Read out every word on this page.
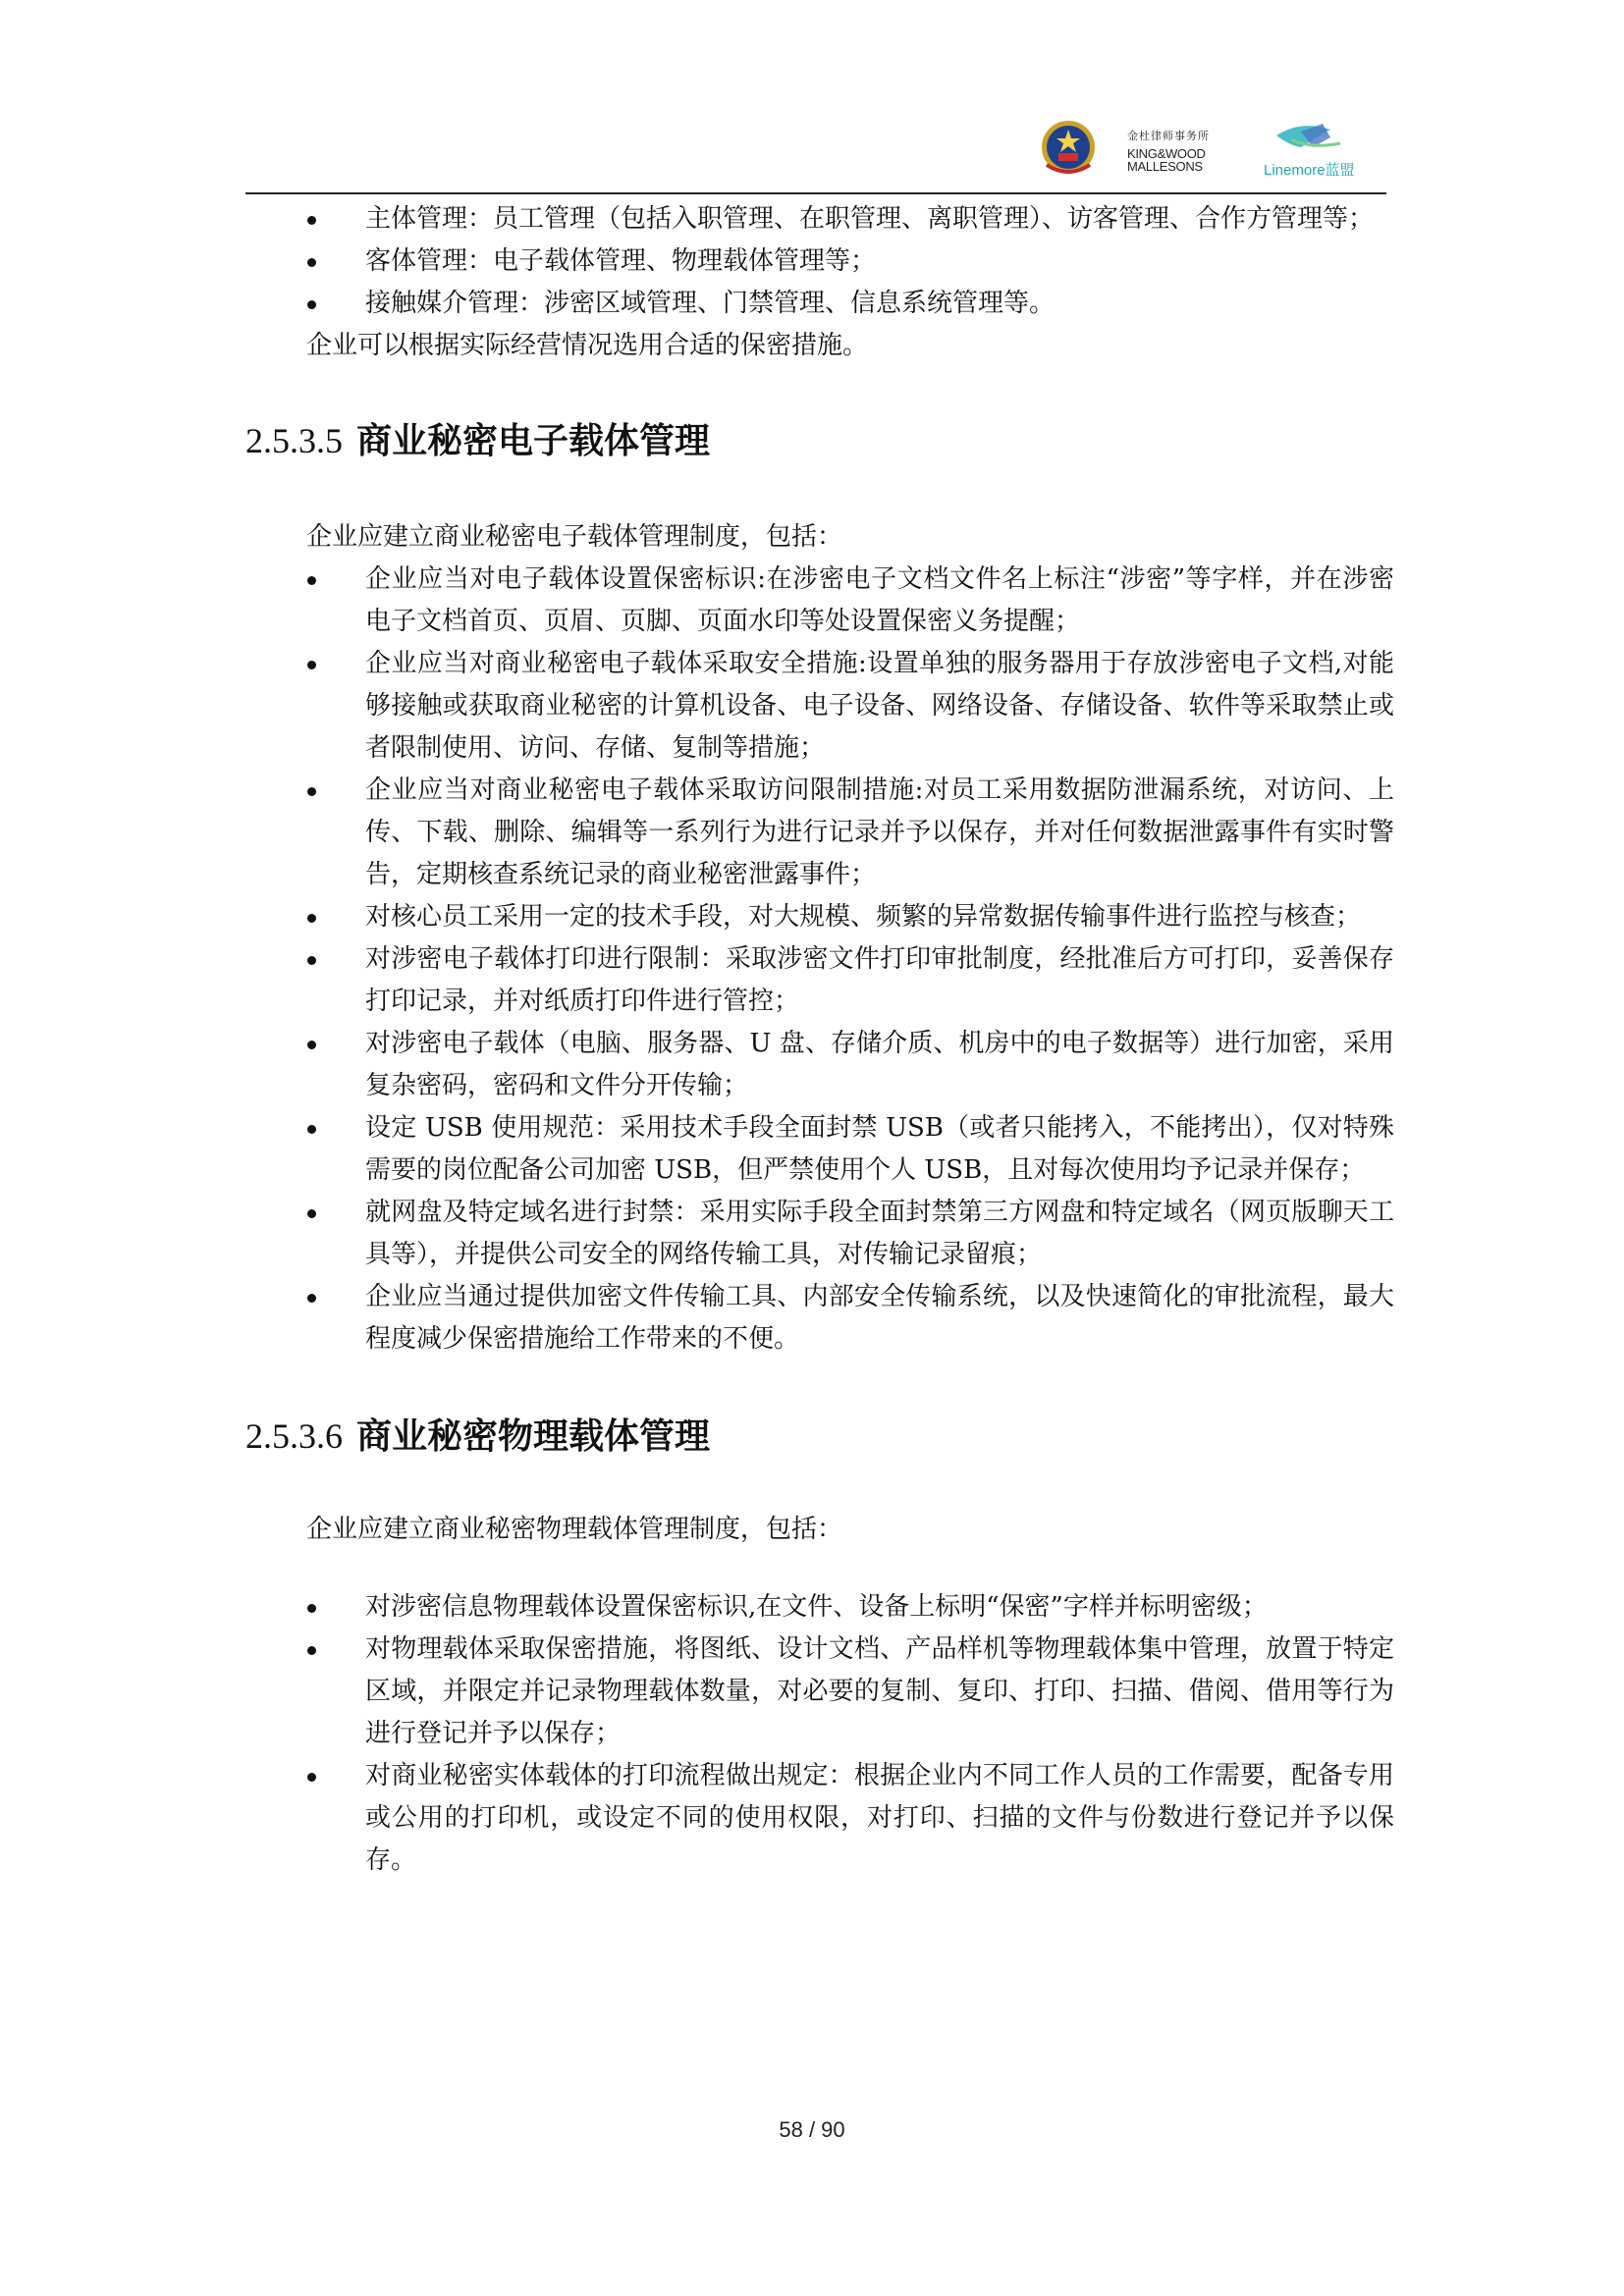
金杜律师事务所
KING&WOOD
MALLESONS	Linemore蓝盟
主体管理：员工管理（包括入职管理、在职管理、离职管理）、访客管理、合作方管理等；
客体管理：电子载体管理、物理载体管理等；
接触媒介管理：涉密区域管理、门禁管理、信息系统管理等。

企业可以根据实际经营情况选用合适的保密措施。

2.5.3.5 商业秘密电子载体管理

企业应建立商业秘密电子载体管理制度，包括：

企业应当对电子载体设置保密标识:在涉密电子文档文件名上标注“涉密”等字样，并在涉密电子文档首页、页眉、页脚、页面水印等处设置保密义务提醒；
企业应当对商业秘密电子载体采取安全措施:设置单独的服务器用于存放涉密电子文档,对能够接触或获取商业秘密的计算机设备、电子设备、网络设备、存储设备、软件等采取禁止或者限制使用、访问、存储、复制等措施；
企业应当对商业秘密电子载体采取访问限制措施:对员工采用数据防泄漏系统，对访问、上传、下载、删除、编辑等一系列行为进行记录并予以保存，并对任何数据泄露事件有实时警告，定期核查系统记录的商业秘密泄露事件；
对核心员工采用一定的技术手段，对大规模、频繁的异常数据传输事件进行监控与核查；
对涉密电子载体打印进行限制：采取涉密文件打印审批制度，经批准后方可打印，妥善保存打印记录，并对纸质打印件进行管控；
对涉密电子载体（电脑、服务器、U 盘、存储介质、机房中的电子数据等）进行加密，采用复杂密码，密码和文件分开传输；
设定 USB 使用规范：采用技术手段全面封禁 USB（或者只能拷入，不能拷出），仅对特殊需要的岗位配备公司加密 USB，但严禁使用个人 USB，且对每次使用均予记录并保存；
就网盘及特定域名进行封禁：采用实际手段全面封禁第三方网盘和特定域名（网页版聊天工具等），并提供公司安全的网络传输工具，对传输记录留痕；
企业应当通过提供加密文件传输工具、内部安全传输系统，以及快速简化的审批流程，最大程度减少保密措施给工作带来的不便。
2.5.3.6 商业秘密物理载体管理

企业应建立商业秘密物理载体管理制度，包括：

对涉密信息物理载体设置保密标识,在文件、设备上标明“保密”字样并标明密级；
对物理载体采取保密措施，将图纸、设计文档、产品样机等物理载体集中管理，放置于特定区域，并限定并记录物理载体数量，对必要的复制、复印、打印、扫描、借阅、借用等行为进行登记并予以保存；
对商业秘密实体载体的打印流程做出规定：根据企业内不同工作人员的工作需要，配备专用或公用的打印机，或设定不同的使用权限，对打印、扫描的文件与份数进行登记并予以保存。
58 / 90
